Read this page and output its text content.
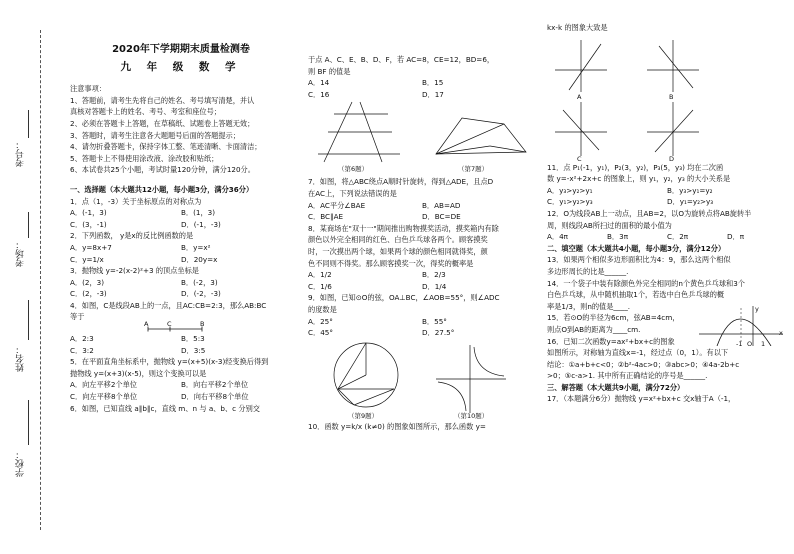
考号：
考场：
姓名：
学校：
2020年下学期期末质量检测卷
九 年 级 数 学

注意事项：

1、答题前，请考生先将自己的姓名、考号填写清楚，并认

真核对答题卡上的姓名、考号、考室和座位号；

2、必须在答题卡上答题，在草稿纸、试题卷上答题无效；

3、答题时，请考生注意各大题题号后面的答题提示；

4、请勿折叠答题卡，保持字体工整、笔迹清晰、卡面清洁；

5、答题卡上不得使用涂改液、涂改胶和贴纸；

6、本试卷共25个小题，考试时量120分钟，满分120分。

一、选择题（本大题共12小题，每小题3分，满分36分）

1．点（1，-3）关于坐标原点的对称点为

A．(-1，3)	B．(1，3)
C．(3，-1)	D．(-1，-3)

2．下列函数， y是x的反比例函数的是

A．y=8x+7	B．y=x²
C．y=1/x	D．20y=x

3．抛物线 y=-2(x-2)²+3 的顶点坐标是

A．(2，3)	B．(-2，3)
C．(2，-3)	D．(-2，-3)

4．如图，C是线段AB上的一点，且AC:CB=2:3，那么AB:BC

等于

A	C	B
A．2:3	B．5:3
C．3:2	D．3:5

5．在平面直角坐标系中，抛物线 y=(x+5)(x-3)经变换后得到

抛物线 y=(x+3)(x-5)，则这个变换可以是

A．向左平移2个单位	B．向右平移2个单位
C．向左平移8个单位	D．向右平移8个单位

6．如图，已知直线 a∥b∥c，直线 m、n 与 a、b、c 分别交

于点 A、C、E、B、D、F，若 AC=8，CE=12，BD=6，

则 BF 的值是

A．14	B．15
C．16	D．17
（第6题）	（第7题）

7．如图，将△ABC绕点A顺时针旋转，得到△ADE，且点D

在AC上，下列说法错误的是

A．AC平分∠BAE	B．AB=AD
C．BC∥AE	D．BC=DE

8．某商场在"双十一"期间推出购物摸奖活动，摸奖箱内有除

颜色以外完全相同的红色、白色乒乓球各两个。顾客摸奖

时，一次摸出两个球，如果两个球的颜色相同就得奖，颜

色不同则不得奖。那么顾客摸奖一次，得奖的概率是

A．1/2	B．2/3
C．1/6	D．1/4

9．如图，已知⊙O的弦，OA⊥BC，∠AOB=55°，则∠ADC

的度数是

A．25°	B．55°
C．45°	D．27.5°
（第9题）	（第10题）

10．函数 y=k/x (k≠0) 的图象如图所示，那么函数 y=

kx-k 的图象大致是

A	B
C	D

11．点 P₁(-1，y₁)，P₂(3，y₂)，P₃(5，y₃) 均在二次函

数 y=-x²+2x+c 的图象上，则 y₁，y₂，y₃ 的大小关系是

A．y₃>y₂>y₁	B．y₃>y₁=y₂
C．y₁>y₂>y₃	D．y₁=y₂>y₃

12．O为线段AB上一动点，且AB=2，以O为旋转点将AB旋转半

周，则线段AB所扫过的面积的最小值为

A．4π	B．3π	C．2π	D．π

二、填空题（本大题共4小题，每小题3分，满分12分）

13．如果两个相似多边形面积比为4：9，那么这两个相似

多边形周长的比是______.

14．一个袋子中装有除颜色外完全相同的n个黄色乒乓球和3个

白色乒乓球，从中随机抽取1个，若选中白色乒乓球的概

率是1/3，则n的值是____.

15．若⊙O的半径为6cm，弦AB=4cm，

则点O到AB的距离为____cm.

16．已知二次函数y=ax²+bx+c的图象	-1 O 1
x
y

如图所示，对称轴为直线x=-1，经过点（0，1）。有以下

结论：①a+b+c<0；②b²-4ac>0；③abc>0；④4a-2b+c

>0；⑤c-a>1. 其中所有正确结论的序号是______.

三、解答题（本大题共9小题，满分72分）

17．（本题满分6分）抛物线 y=x²+bx+c 交x轴于A（-1，
